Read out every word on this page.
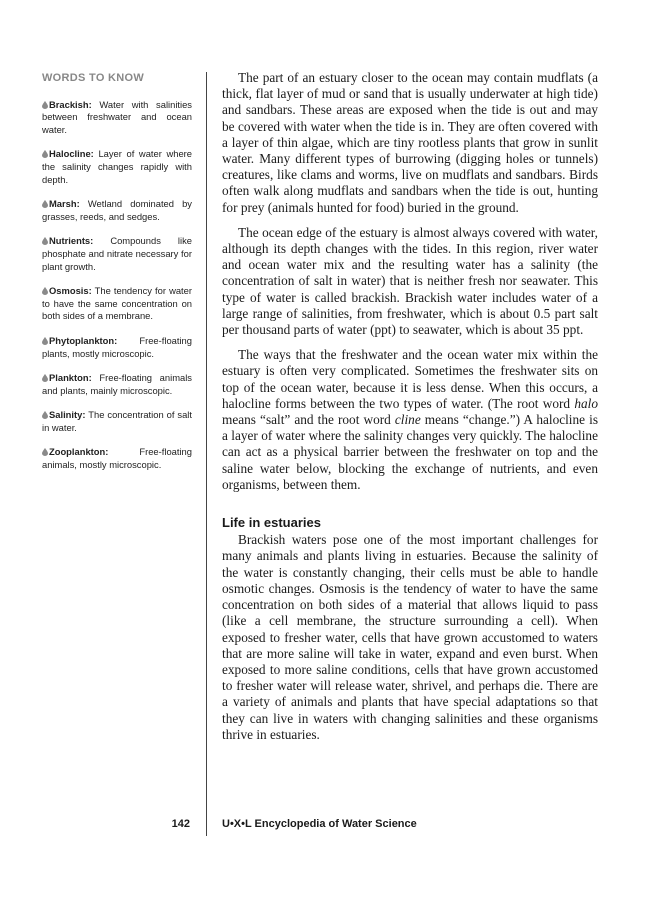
WORDS TO KNOW
Brackish: Water with salinities between freshwater and ocean water.
Halocline: Layer of water where the salinity changes rapidly with depth.
Marsh: Wetland dominated by grasses, reeds, and sedges.
Nutrients: Compounds like phosphate and nitrate necessary for plant growth.
Osmosis: The tendency for water to have the same concentration on both sides of a membrane.
Phytoplankton: Free-floating plants, mostly microscopic.
Plankton: Free-floating animals and plants, mainly microscopic.
Salinity: The concentration of salt in water.
Zooplankton:	Free-floating animals, mostly microscopic.

The part of an estuary closer to the ocean may contain mudflats (a thick, flat layer of mud or sand that is usually underwater at high tide) and sandbars. These areas are exposed when the tide is out and may be covered with water when the tide is in. They are often covered with a layer of thin algae, which are tiny rootless plants that grow in sunlit water. Many different types of burrowing (digging holes or tunnels) creatures, like clams and worms, live on mudflats and sandbars. Birds often walk along mudflats and sandbars when the tide is out, hunting for prey (animals hunted for food) buried in the ground.

The ocean edge of the estuary is almost always covered with water, although its depth changes with the tides. In this region, river water and ocean water mix and the resulting water has a salinity (the concentration of salt in water) that is neither fresh nor seawater. This type of water is called brackish. Brackish water includes water of a large range of salinities, from freshwater, which is about 0.5 part salt per thousand parts of water (ppt) to seawater, which is about 35 ppt.

The ways that the freshwater and the ocean water mix within the estuary is often very complicated. Sometimes the freshwater sits on top of the ocean water, because it is less dense. When this occurs, a halocline forms between the two types of water. (The root word halo means “salt” and the root word cline means “change.”) A halocline is a layer of water where the salinity changes very quickly. The halocline can act as a physical barrier between the freshwater on top and the saline water below, blocking the exchange of nutrients, and even organisms, between them.

Life in estuaries

Brackish waters pose one of the most important challenges for many animals and plants living in estuaries. Because the salinity of the water is constantly changing, their cells must be able to handle osmotic changes. Osmosis is the tendency of water to have the same concentration on both sides of a material that allows liquid to pass (like a cell membrane, the structure surrounding a cell). When exposed to fresher water, cells that have grown accustomed to waters that are more saline will take in water, expand and even burst. When exposed to more saline conditions, cells that have grown accustomed to fresher water will release water, shrivel, and perhaps die. There are a variety of animals and plants that have special adaptations so that they can live in waters with changing salinities and these organisms thrive in estuaries.

142	U•X•L Encyclopedia of Water Science
